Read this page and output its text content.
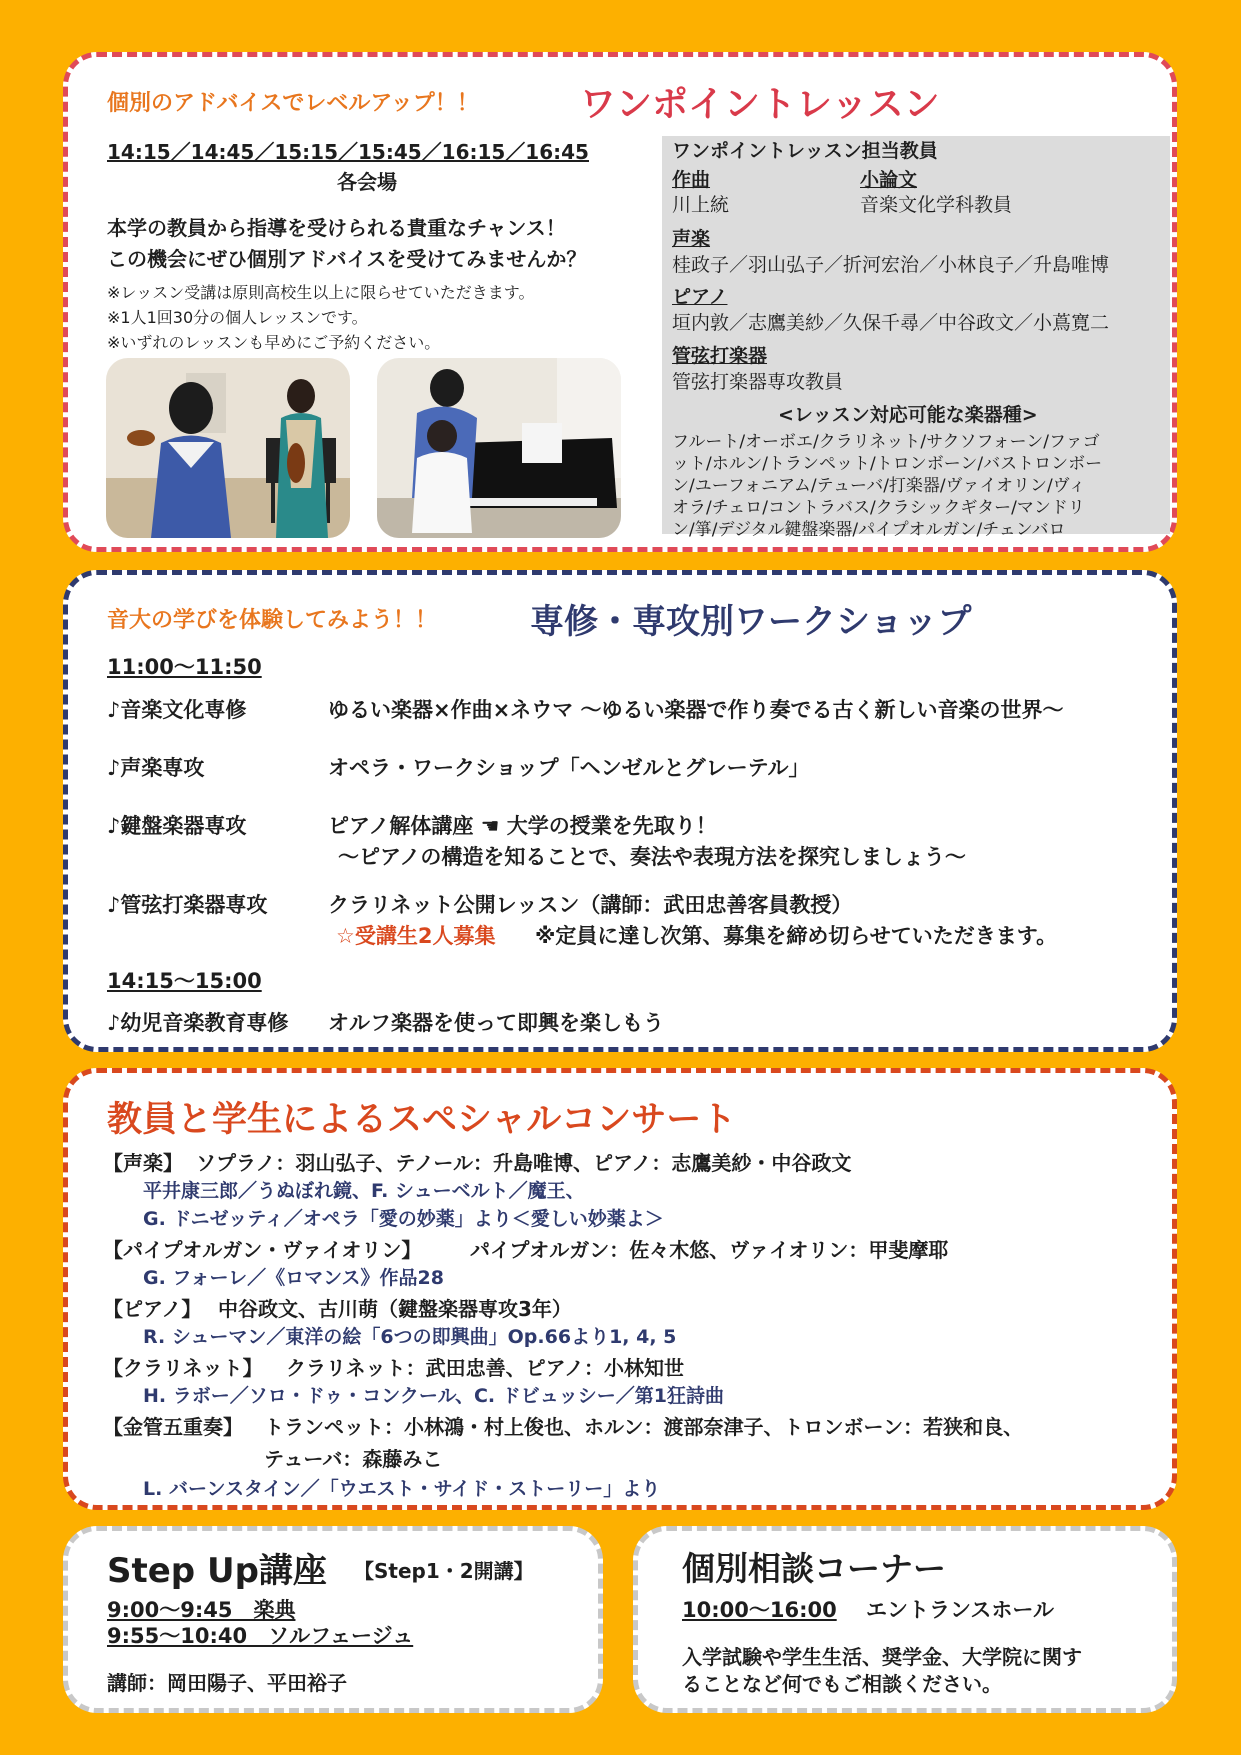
個別のアドバイスでレベルアップ！！	ワンポイントレッスン
14:15／14:45／15:15／15:45／16:15／16:45
各会場
本学の教員から指導を受けられる貴重なチャンス！
この機会にぜひ個別アドバイスを受けてみませんか？
※レッスン受講は原則高校生以上に限らせていただきます。
※1人1回30分の個人レッスンです。
※いずれのレッスンも早めにご予約ください。
ワンポイントレッスン担当教員
作曲	小論文
川上統	音楽文化学科教員
声楽
桂政子／羽山弘子／折河宏治／小林良子／升島唯博
ピアノ
垣内敦／志鷹美紗／久保千尋／中谷政文／小蔦寛二
管弦打楽器
管弦打楽器専攻教員
<レッスン対応可能な楽器種>
フルート/オーボエ/クラリネット/サクソフォーン/ファゴ
ット/ホルン/トランペット/トロンボーン/バストロンボー
ン/ユーフォニアム/テューバ/打楽器/ヴァイオリン/ヴィ
オラ/チェロ/コントラバス/クラシックギター/マンドリ
ン/箏/デジタル鍵盤楽器/パイプオルガン/チェンバロ
音大の学びを体験してみよう！！	専修・専攻別ワークショップ
11:00〜11:50
♪音楽文化専修	ゆるい楽器×作曲×ネウマ ～ゆるい楽器で作り奏でる古く新しい音楽の世界～
♪声楽専攻	オペラ・ワークショップ「ヘンゼルとグレーテル」
♪鍵盤楽器専攻	ピアノ解体講座 ☚ 大学の授業を先取り！
～ピアノの構造を知ることで、奏法や表現方法を探究しましょう～
♪管弦打楽器専攻	クラリネット公開レッスン（講師：武田忠善客員教授）
☆受講生2人募集 ※定員に達し次第、募集を締め切らせていただきます。
14:15〜15:00
♪幼児音楽教育専修 オルフ楽器を使って即興を楽しもう
教員と学生によるスペシャルコンサート
【声楽】 ソプラノ：羽山弘子、テノール：升島唯博、ピアノ：志鷹美紗・中谷政文
平井康三郎／うぬぼれ鏡、F. シューベルト／魔王、
G. ドニゼッティ／オペラ「愛の妙薬」より＜愛しい妙薬よ＞
【パイプオルガン・ヴァイオリン】 パイプオルガン：佐々木悠、ヴァイオリン：甲斐摩耶
G. フォーレ／《ロマンス》作品28
【ピアノ】 中谷政文、古川萌（鍵盤楽器専攻3年）
R. シューマン／東洋の絵「6つの即興曲」Op.66より1, 4, 5
【クラリネット】 クラリネット：武田忠善、ピアノ：小林知世
H. ラボー／ソロ・ドゥ・コンクール、C. ドビュッシー／第1狂詩曲
【金管五重奏】 トランペット：小林鴻・村上俊也、ホルン：渡部奈津子、トロンボーン：若狭和良、
テューバ：森藤みこ
L. バーンスタイン／「ウエスト・サイド・ストーリー」より
Step Up講座 【Step1・2開講】
9:00〜9:45　楽典
9:55〜10:40　ソルフェージュ
講師：岡田陽子、平田裕子
個別相談コーナー
10:00〜16:00 エントランスホール
入学試験や学生生活、奨学金、大学院に関す
ることなど何でもご相談ください。
